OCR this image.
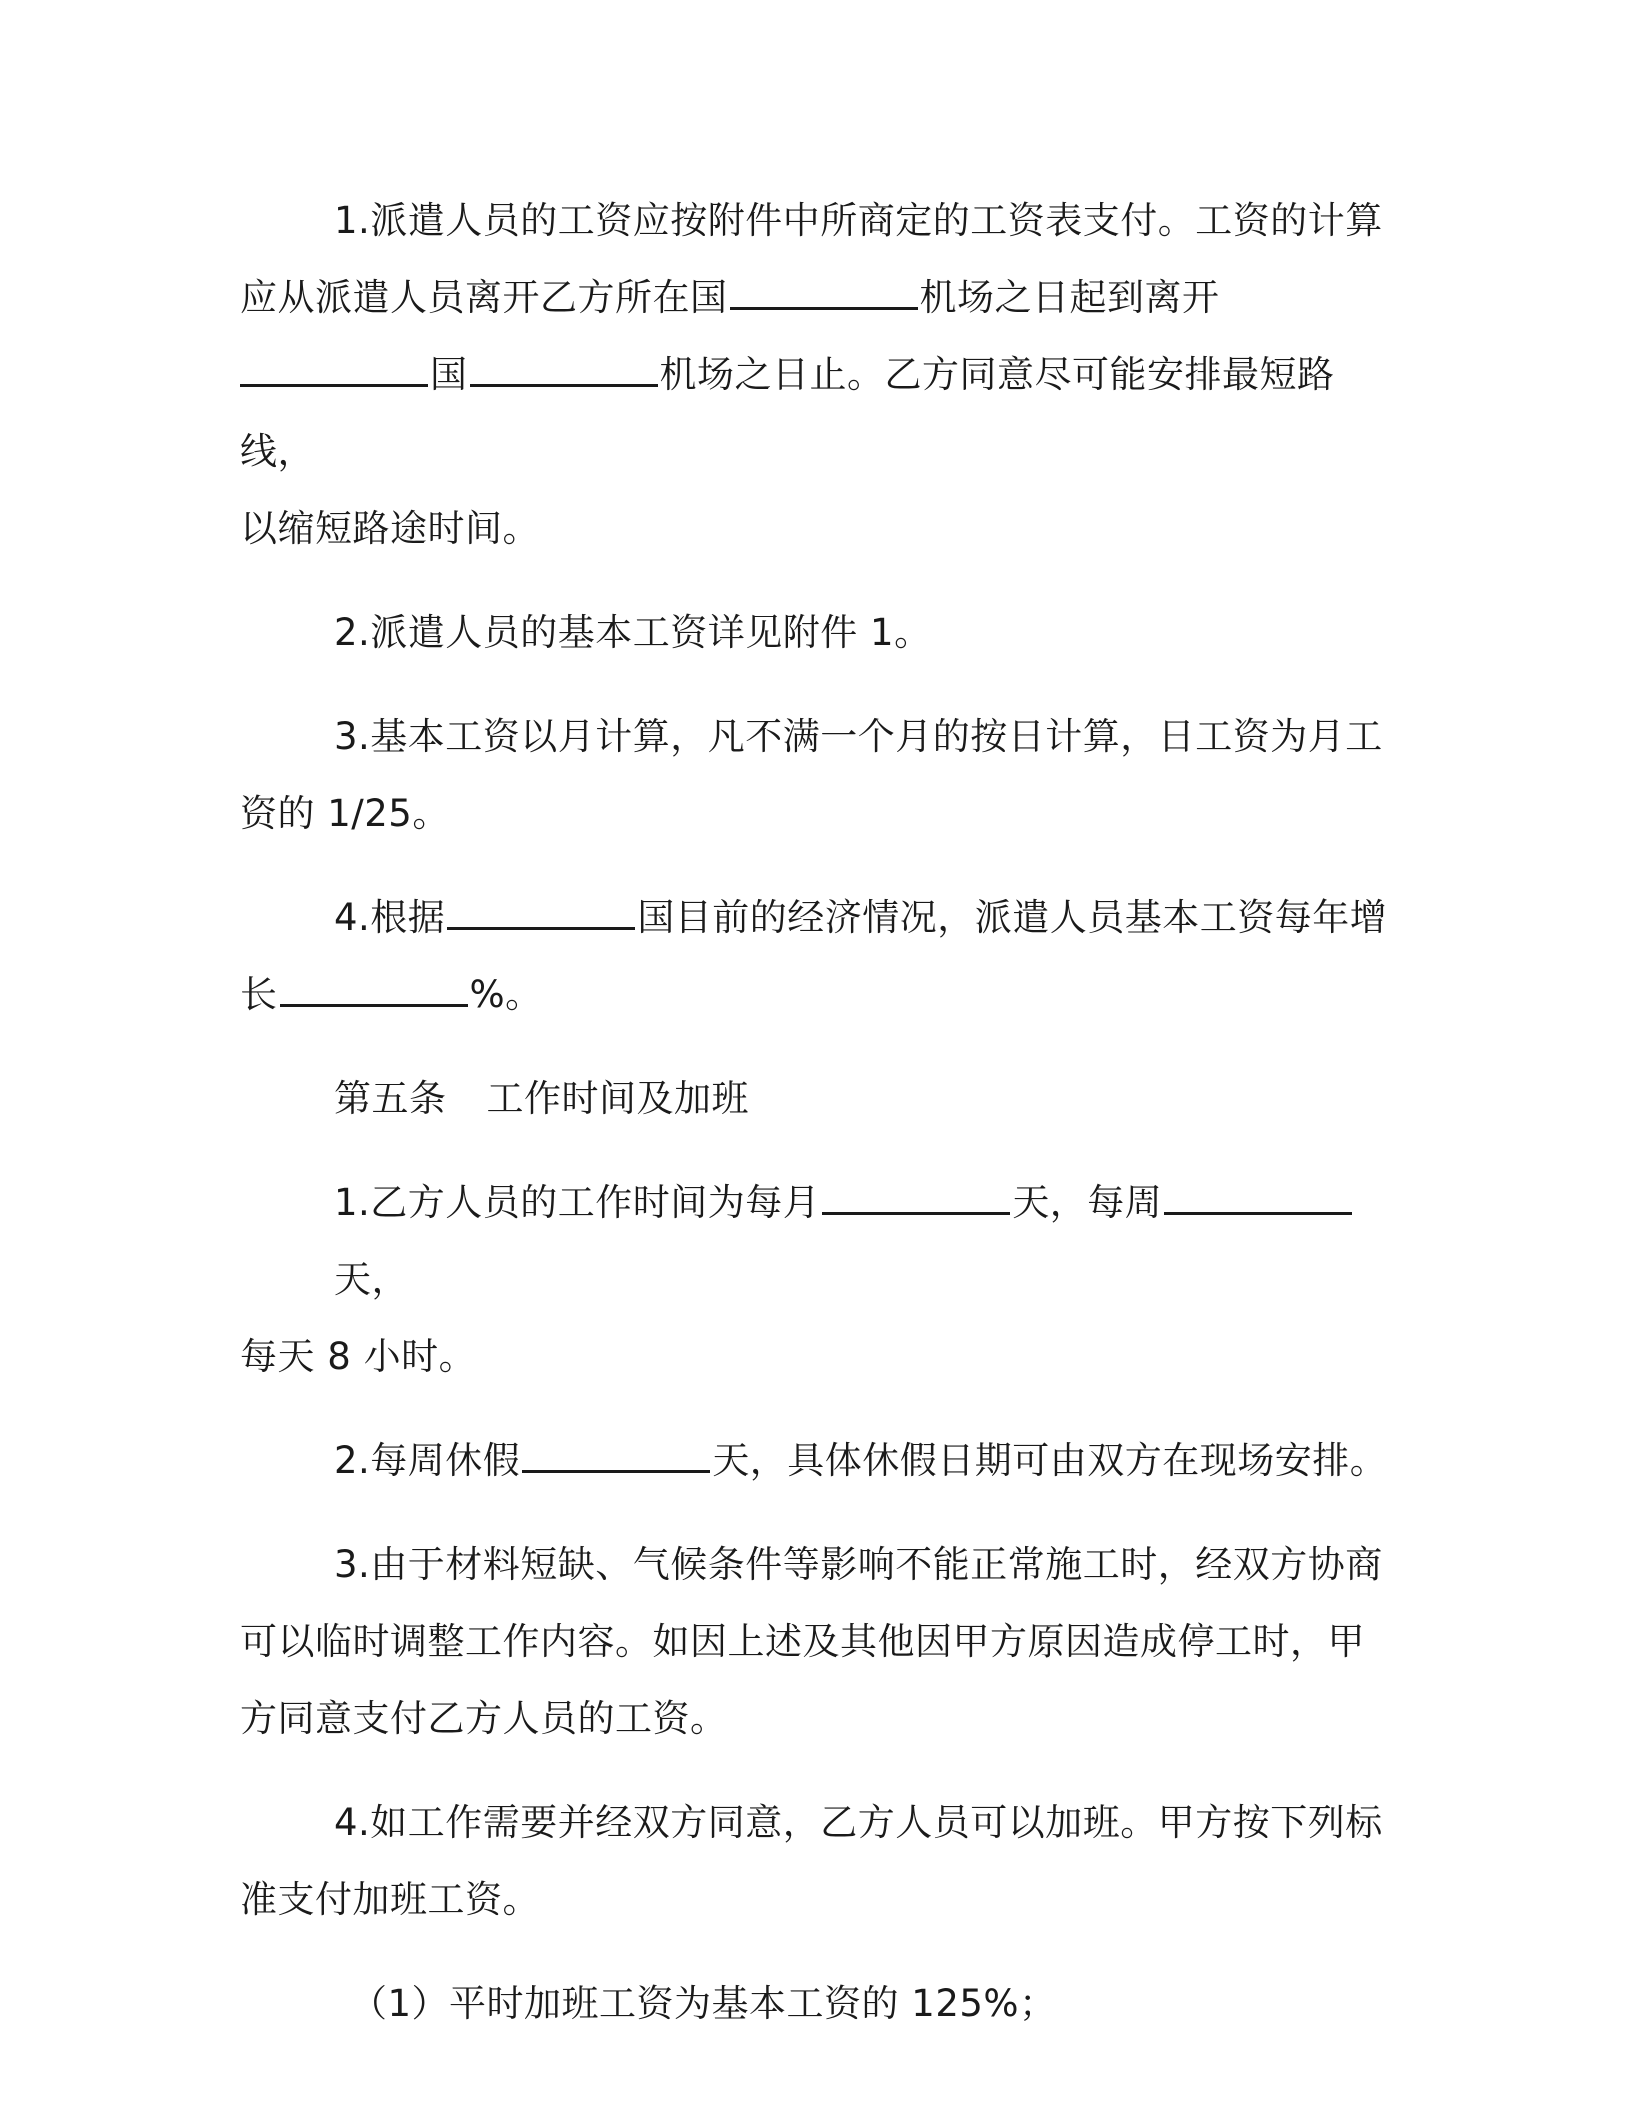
1.派遣人员的工资应按附件中所商定的工资表支付。工资的计算
应从派遣人员离开乙方所在国	机场之日起到离开
国	机场之日止。乙方同意尽可能安排最短路线，
以缩短路途时间。
2.派遣人员的基本工资详见附件 1。
3.基本工资以月计算，凡不满一个月的按日计算，日工资为月工
资的 1/25。
4.根据	国目前的经济情况，派遣人员基本工资每年增
长	%。
第五条 工作时间及加班
1.乙方人员的工作时间为每月	天，每周天，
每天 8 小时。
2.每周休假	天，具体休假日期可由双方在现场安排。
3.由于材料短缺、气候条件等影响不能正常施工时，经双方协商
可以临时调整工作内容。如因上述及其他因甲方原因造成停工时，甲
方同意支付乙方人员的工资。
4.如工作需要并经双方同意，乙方人员可以加班。甲方按下列标
准支付加班工资。
（1）平时加班工资为基本工资的 125%；
